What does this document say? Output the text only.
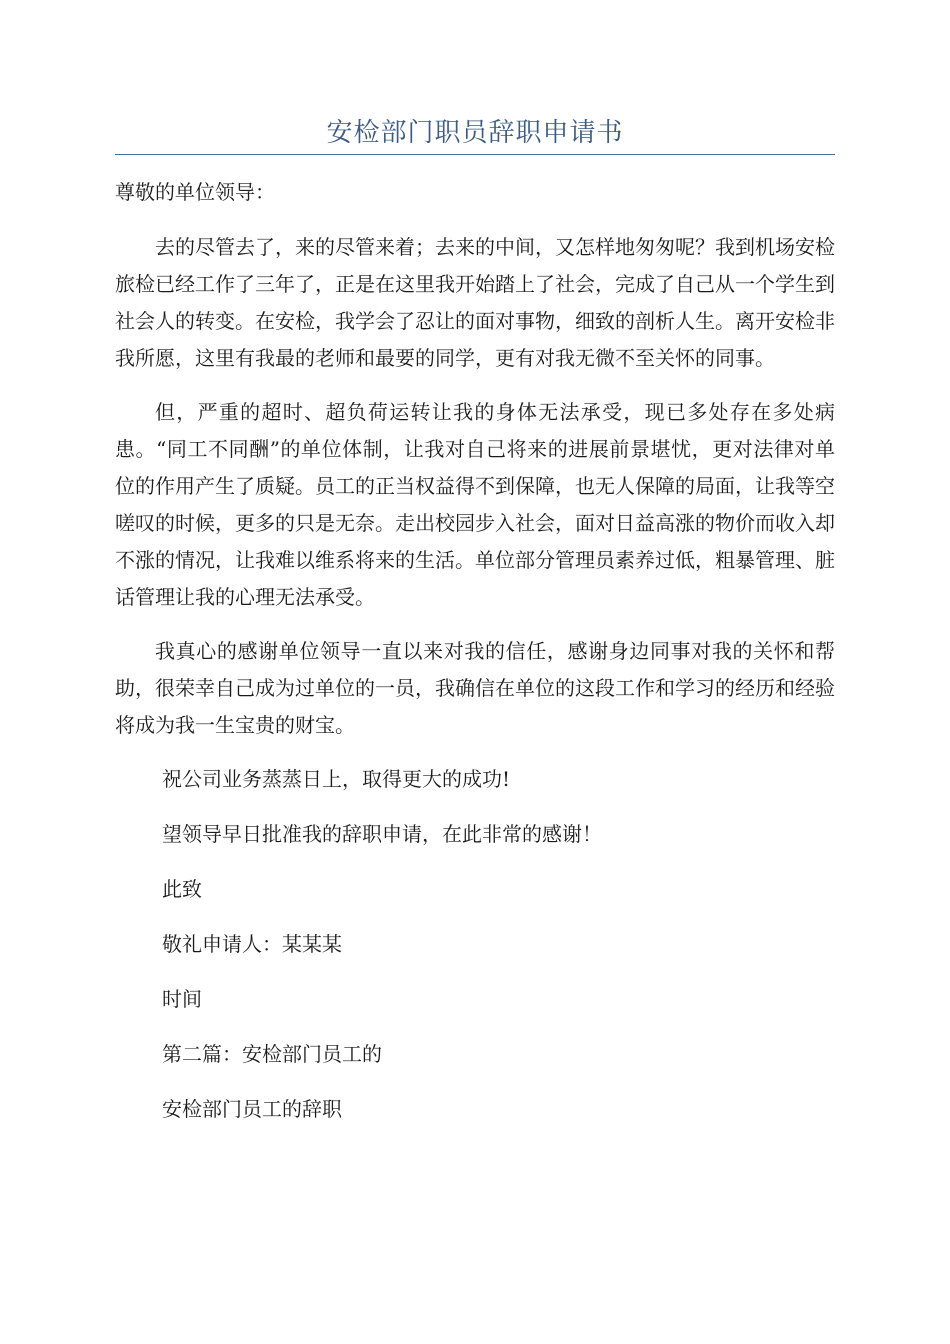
安检部门职员辞职申请书

尊敬的单位领导：

去的尽管去了，来的尽管来着；去来的中间，又怎样地匆匆呢？我到机场安检旅检已经工作了三年了，正是在这里我开始踏上了社会，完成了自己从一个学生到社会人的转变。在安检，我学会了忍让的面对事物，细致的剖析人生。离开安检非我所愿，这里有我最的老师和最要的同学，更有对我无微不至关怀的同事。

但，严重的超时、超负荷运转让我的身体无法承受，现已多处存在多处病患。“同工不同酬”的单位体制，让我对自己将来的进展前景堪忧，更对法律对单位的作用产生了质疑。员工的正当权益得不到保障，也无人保障的局面，让我等空嗟叹的时候，更多的只是无奈。走出校园步入社会，面对日益高涨的物价而收入却不涨的情况，让我难以维系将来的生活。单位部分管理员素养过低，粗暴管理、脏话管理让我的心理无法承受。

我真心的感谢单位领导一直以来对我的信任，感谢身边同事对我的关怀和帮助，很荣幸自己成为过单位的一员，我确信在单位的这段工作和学习的经历和经验将成为我一生宝贵的财宝。

祝公司业务蒸蒸日上，取得更大的成功!

望领导早日批准我的辞职申请，在此非常的感谢！

此致

敬礼申请人：某某某

时间

第二篇：安检部门员工的

安检部门员工的辞职
